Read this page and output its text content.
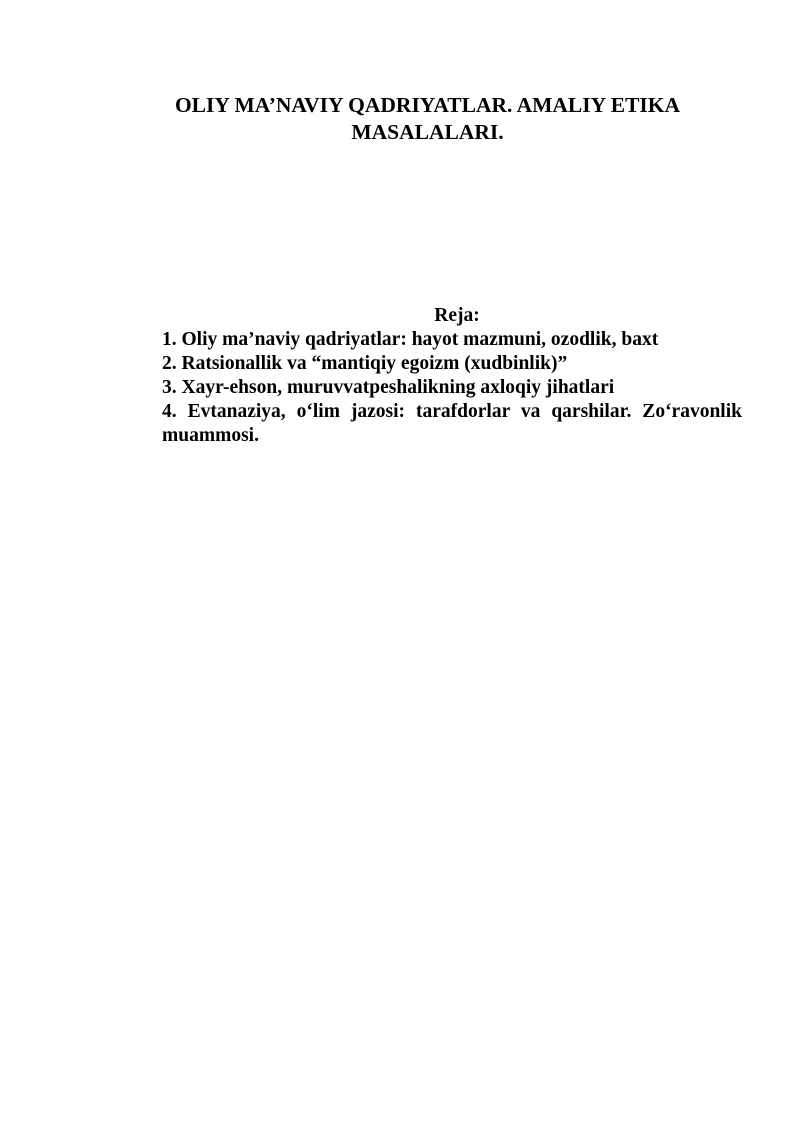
OLIY MA’NAVIY QADRIYATLAR. AMALIY ETIKA
MASALALARI.

Reja:

1. Oliy ma’naviy qadriyatlar: hayot mazmuni, ozodlik, baxt
2. Ratsionallik va “mantiqiy egoizm (xudbinlik)”
3. Xayr-ehson, muruvvatpeshalikning axloqiy jihatlari
4. Evtanaziya, o‘lim jazosi: tarafdorlar va qarshilar. Zo‘ravonlik muammosi.
